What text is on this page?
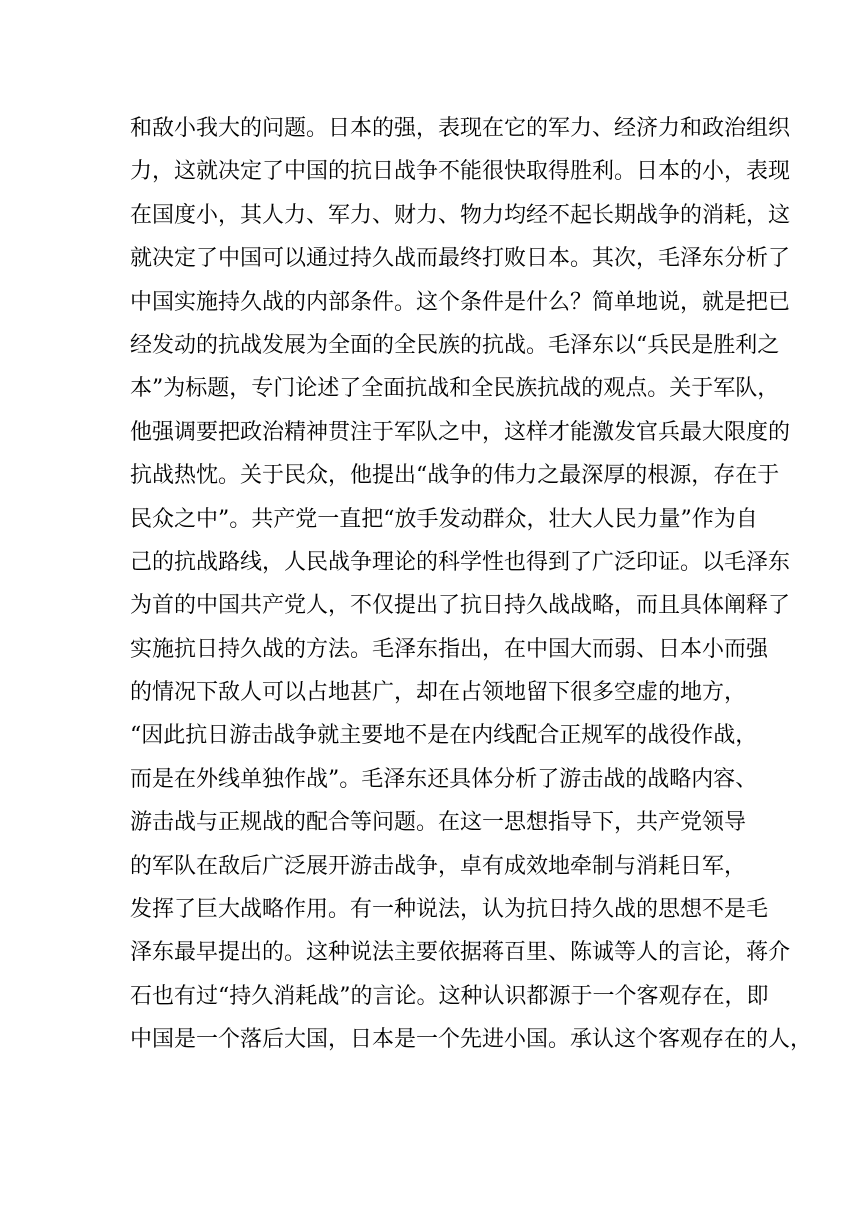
和敌小我大的问题。日本的强，表现在它的军力、经济力和政治组织
力，这就决定了中国的抗日战争不能很快取得胜利。日本的小，表现
在国度小，其人力、军力、财力、物力均经不起长期战争的消耗，这
就决定了中国可以通过持久战而最终打败日本。其次，毛泽东分析了
中国实施持久战的内部条件。这个条件是什么？简单地说，就是把已
经发动的抗战发展为全面的全民族的抗战。毛泽东以“兵民是胜利之
本”为标题，专门论述了全面抗战和全民族抗战的观点。关于军队，
他强调要把政治精神贯注于军队之中，这样才能激发官兵最大限度的
抗战热忱。关于民众，他提出“战争的伟力之最深厚的根源，存在于
民众之中”。共产党一直把“放手发动群众，壮大人民力量”作为自
己的抗战路线，人民战争理论的科学性也得到了广泛印证。以毛泽东
为首的中国共产党人，不仅提出了抗日持久战战略，而且具体阐释了
实施抗日持久战的方法。毛泽东指出，在中国大而弱、日本小而强
的情况下敌人可以占地甚广，却在占领地留下很多空虚的地方，
“因此抗日游击战争就主要地不是在内线配合正规军的战役作战，
而是在外线单独作战”。毛泽东还具体分析了游击战的战略内容、
游击战与正规战的配合等问题。在这一思想指导下，共产党领导
的军队在敌后广泛展开游击战争，卓有成效地牵制与消耗日军，
发挥了巨大战略作用。有一种说法，认为抗日持久战的思想不是毛
泽东最早提出的。这种说法主要依据蒋百里、陈诚等人的言论，蒋介
石也有过“持久消耗战”的言论。这种认识都源于一个客观存在，即
中国是一个落后大国，日本是一个先进小国。承认这个客观存在的人，
